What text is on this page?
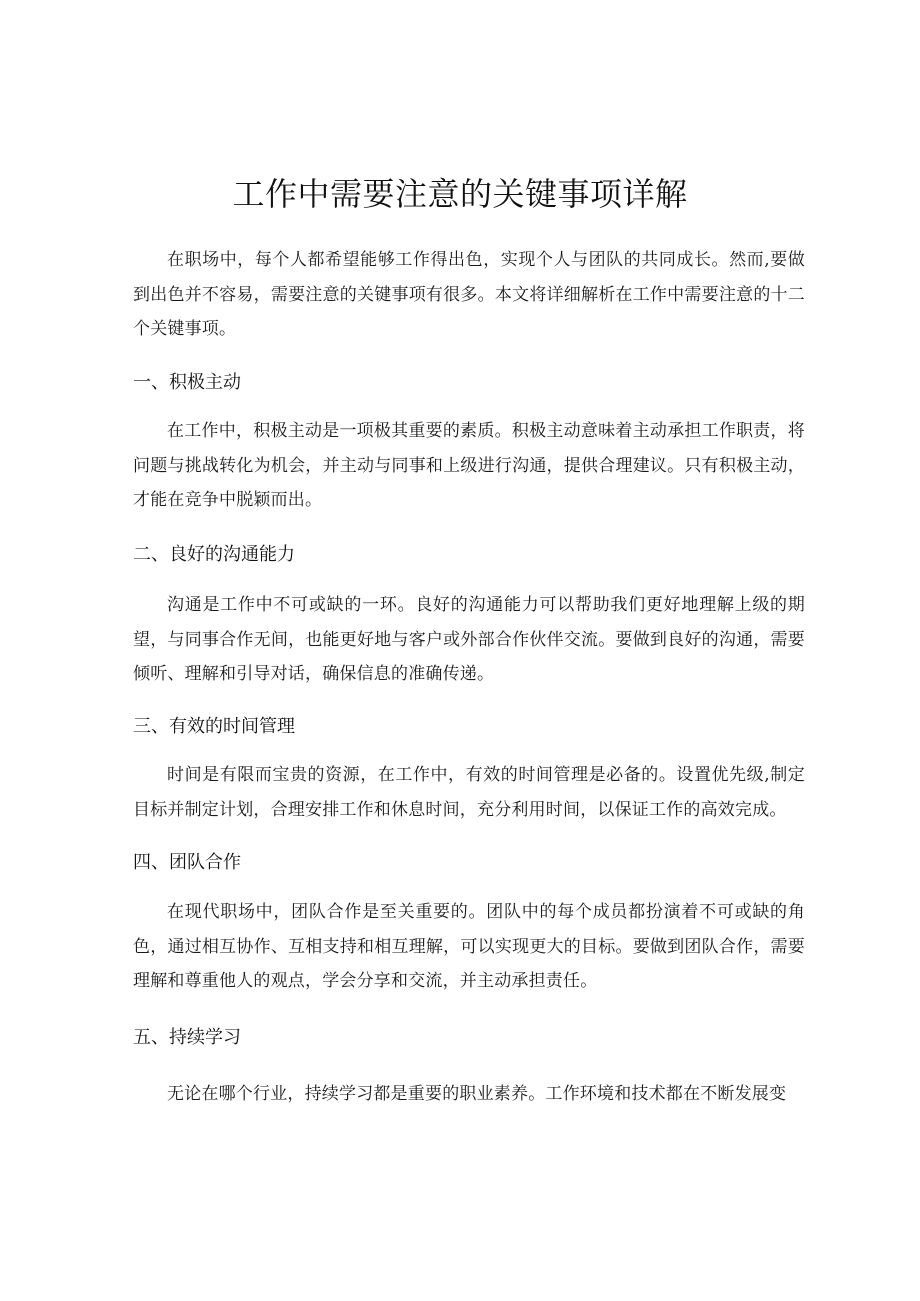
工作中需要注意的关键事项详解

在职场中，每个人都希望能够工作得出色，实现个人与团队的共同成长。然而,要做到出色并不容易，需要注意的关键事项有很多。本文将详细解析在工作中需要注意的十二个关键事项。

一、积极主动

在工作中，积极主动是一项极其重要的素质。积极主动意味着主动承担工作职责，将问题与挑战转化为机会，并主动与同事和上级进行沟通，提供合理建议。只有积极主动，才能在竞争中脱颖而出。

二、良好的沟通能力

沟通是工作中不可或缺的一环。良好的沟通能力可以帮助我们更好地理解上级的期望，与同事合作无间，也能更好地与客户或外部合作伙伴交流。要做到良好的沟通，需要倾听、理解和引导对话，确保信息的准确传递。

三、有效的时间管理

时间是有限而宝贵的资源，在工作中，有效的时间管理是必备的。设置优先级,制定目标并制定计划，合理安排工作和休息时间，充分利用时间，以保证工作的高效完成。

四、团队合作

在现代职场中，团队合作是至关重要的。团队中的每个成员都扮演着不可或缺的角色，通过相互协作、互相支持和相互理解，可以实现更大的目标。要做到团队合作，需要理解和尊重他人的观点，学会分享和交流，并主动承担责任。

五、持续学习

无论在哪个行业，持续学习都是重要的职业素养。工作环境和技术都在不断发展变
